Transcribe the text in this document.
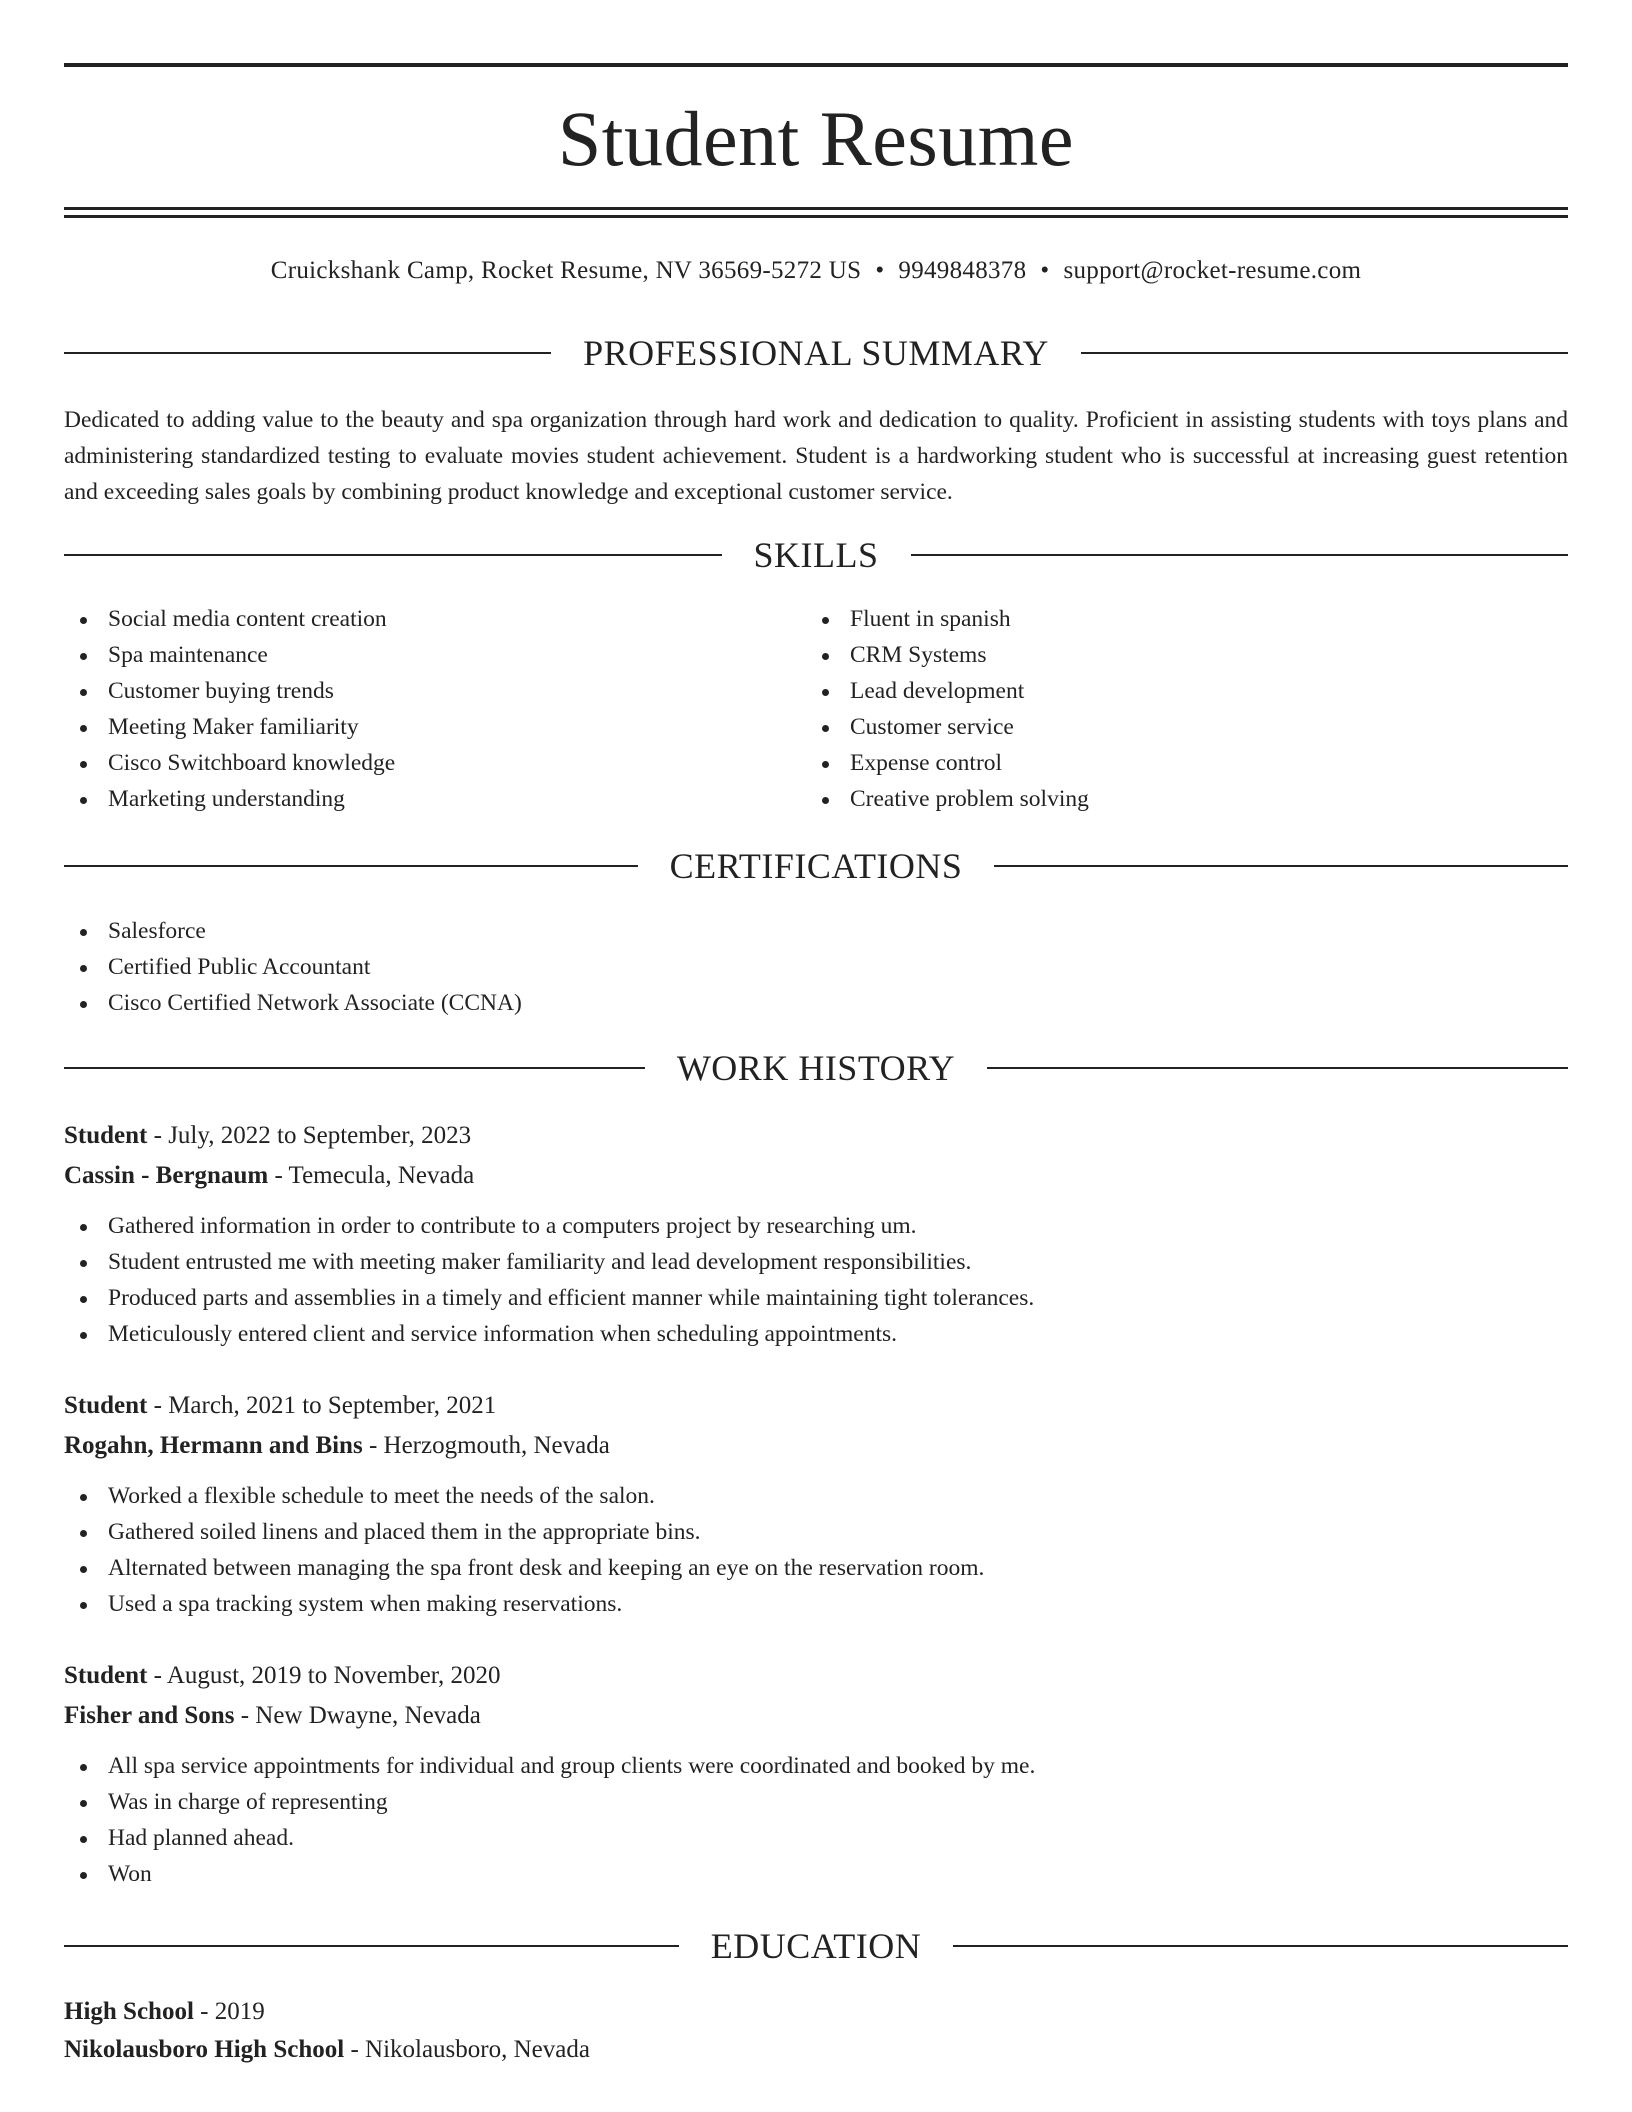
Student Resume
Cruickshank Camp, Rocket Resume, NV 36569-5272 US • 9949848378 • support@rocket-resume.com
PROFESSIONAL SUMMARY
Dedicated to adding value to the beauty and spa organization through hard work and dedication to quality. Proficient in assisting students with toys plans and administering standardized testing to evaluate movies student achievement. Student is a hardworking student who is successful at increasing guest retention and exceeding sales goals by combining product knowledge and exceptional customer service.
SKILLS
Social media content creation
Spa maintenance
Customer buying trends
Meeting Maker familiarity
Cisco Switchboard knowledge
Marketing understanding
Fluent in spanish
CRM Systems
Lead development
Customer service
Expense control
Creative problem solving
CERTIFICATIONS
Salesforce
Certified Public Accountant
Cisco Certified Network Associate (CCNA)
WORK HISTORY
Student - July, 2022 to September, 2023
Cassin - Bergnaum - Temecula, Nevada
Gathered information in order to contribute to a computers project by researching um.
Student entrusted me with meeting maker familiarity and lead development responsibilities.
Produced parts and assemblies in a timely and efficient manner while maintaining tight tolerances.
Meticulously entered client and service information when scheduling appointments.
Student - March, 2021 to September, 2021
Rogahn, Hermann and Bins - Herzogmouth, Nevada
Worked a flexible schedule to meet the needs of the salon.
Gathered soiled linens and placed them in the appropriate bins.
Alternated between managing the spa front desk and keeping an eye on the reservation room.
Used a spa tracking system when making reservations.
Student - August, 2019 to November, 2020
Fisher and Sons - New Dwayne, Nevada
All spa service appointments for individual and group clients were coordinated and booked by me.
Was in charge of representing
Had planned ahead.
Won
EDUCATION
High School - 2019
Nikolausboro High School - Nikolausboro, Nevada
